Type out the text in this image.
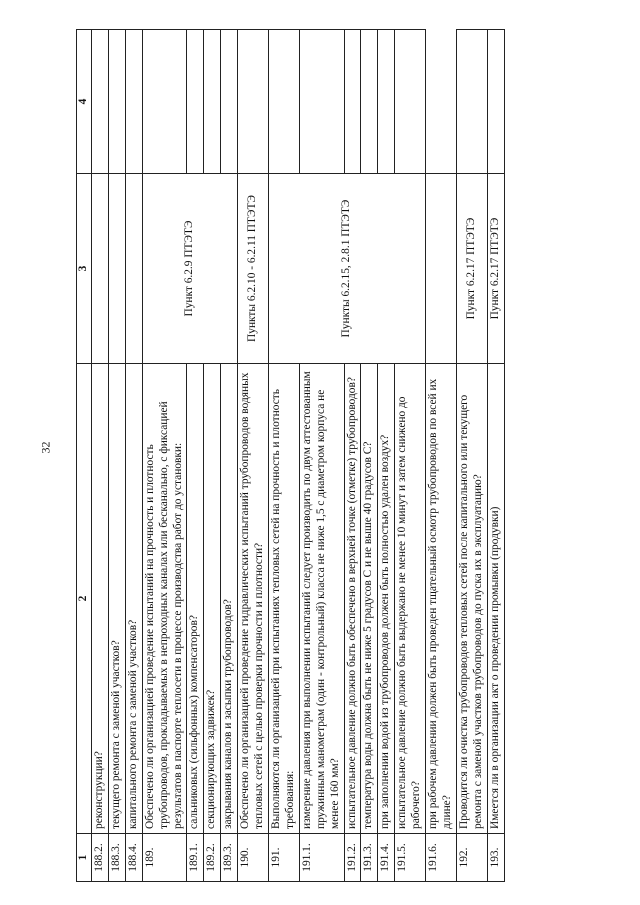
32
1	2	3	4
188.2.	реконструкции?		
188.3.	текущего ремонта с заменой участков?		
188.4.	капитального ремонта с заменой участков?		
189.	Обеспечено ли организацией проведение испытаний на прочность и плотность трубопроводов, прокладываемых в непроходных каналах или бесканально, с фиксацией результатов в паспорте теплосети в процессе производства работ до установки:	Пункт 6.2.9 ПТЭТЭ	
189.1.	сальниковых (сильфонных) компенсаторов?		
189.2.	секционирующих задвижек?		
189.3.	закрывания каналов и засыпки трубопроводов?		
190.	Обеспечено ли организацией проведение гидравлических испытаний трубопроводов водяных тепловых сетей с целью проверки прочности и плотности?	Пункты 6.2.10 - 6.2.11 ПТЭТЭ	
191.	Выполняются ли организацией при испытаниях тепловых сетей на прочность и плотность требования:	Пункты 6.2.15, 2.8.1 ПТЭТЭ	
191.1.	измерение давления при выполнении испытаний следует производить по двум аттестованным пружинным манометрам (один - контрольный) класса не ниже 1,5 с диаметром корпуса не менее 160 мм?		
191.2.	испытательное давление должно быть обеспечено в верхней точке (отметке) трубопроводов?		
191.3.	температура воды должна быть не ниже 5 градусов С и не выше 40 градусов С?		
191.4.	при заполнении водой из трубопроводов должен быть полностью удален воздух?		
191.5.	испытательное давление должно быть выдержано не менее 10 минут и затем снижено до рабочего?		
191.6.	при рабочем давлении должен быть проведен тщательный осмотр трубопроводов по всей их длине?		
192.	Проводится ли очистка трубопроводов тепловых сетей после капитального или текущего ремонта с заменой участков трубопроводов до пуска их в эксплуатацию?	Пункт 6.2.17 ПТЭТЭ	
193.	Имеется ли в организации акт о проведении промывки (продувки)	Пункт 6.2.17 ПТЭТЭ	
